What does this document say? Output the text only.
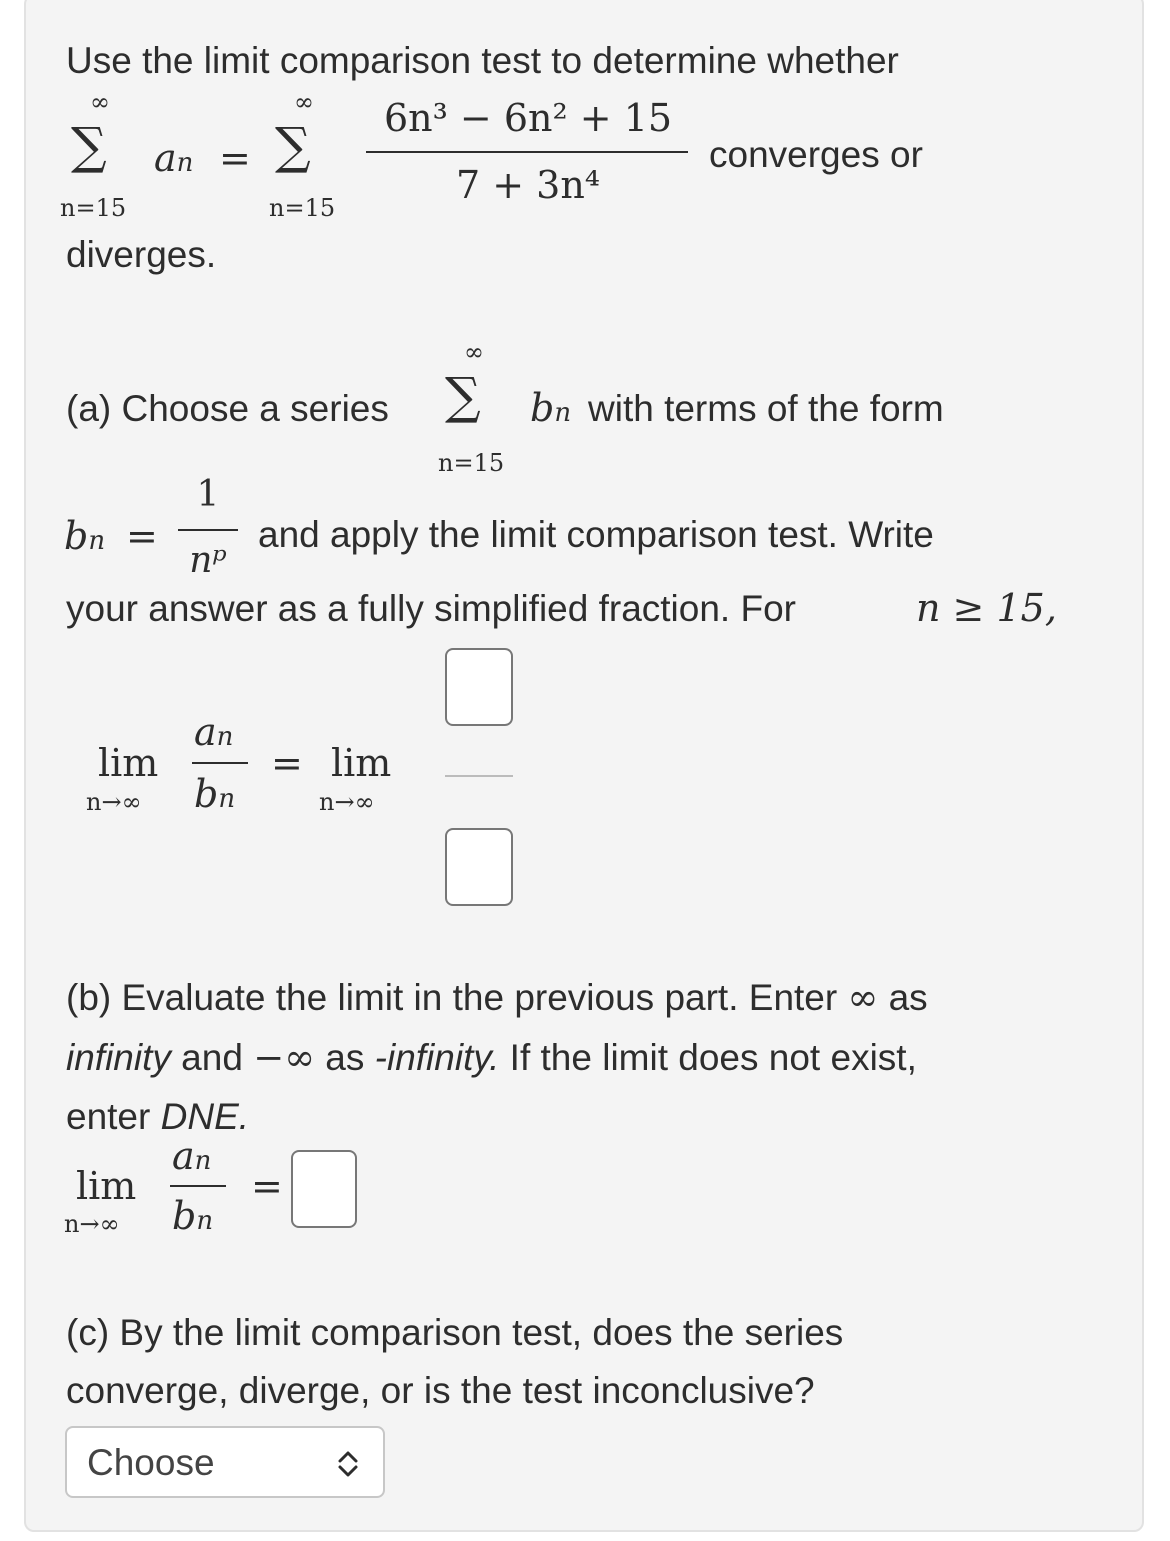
Use the limit comparison test to determine whether
∞
∑
n=15
an =
∞
∑
n=15
6n³ − 6n² + 15
7 + 3n⁴
converges or
diverges.
(a) Choose a series
∞
∑
n=15
bn with terms of the form
bn =
1
nᵖ
and apply the limit comparison test. Write
your answer as a fully simplified fraction. For	n ≥ 15,
lim
n→∞
an
bn
= lim
n→∞
(b) Evaluate the limit in the previous part. Enter ∞ as
infinity and −∞ as -infinity. If the limit does not exist,
enter DNE.
lim
n→∞
an
bn
=
(c) By the limit comparison test, does the series
converge, diverge, or is the test inconclusive?
Choose
